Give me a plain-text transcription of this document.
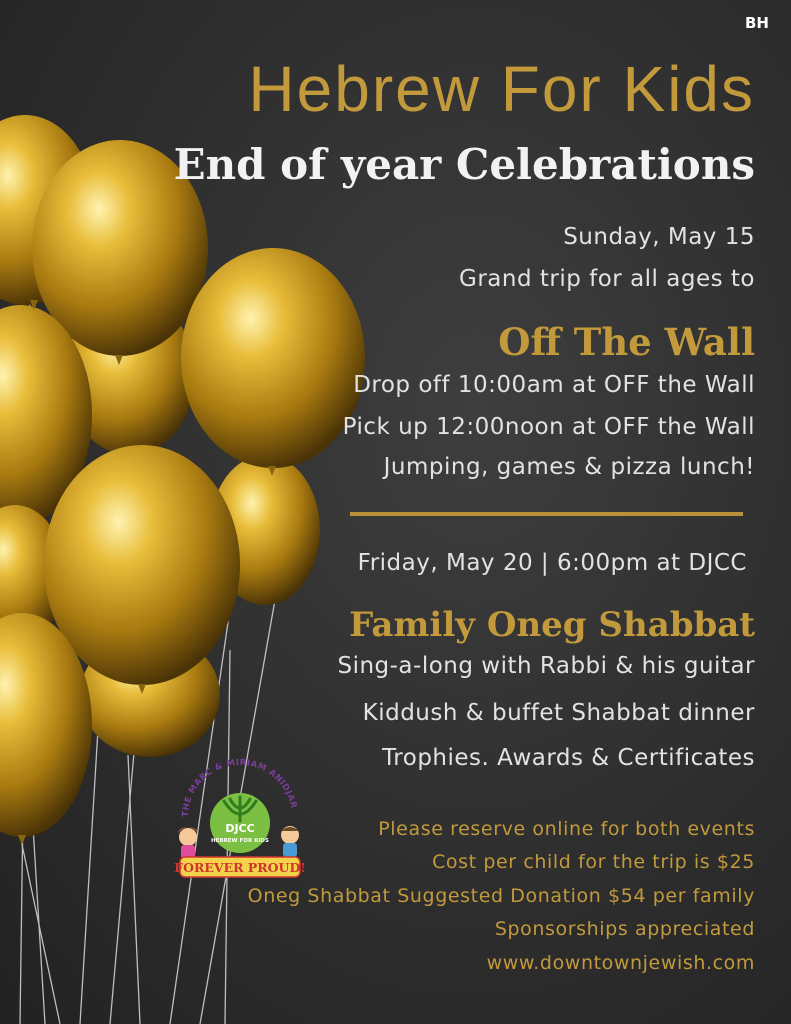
BH
Hebrew For Kids
End of year Celebrations
Sunday, May 15
Grand trip for all ages to
Off The Wall
Drop off 10:00am at OFF the Wall
Pick up 12:00noon at OFF the Wall
Jumping, games & pizza lunch!
Friday, May 20 | 6:00pm at DJCC
Family Oneg Shabbat
Sing-a-long with Rabbi & his guitar
Kiddush & buffet Shabbat dinner
Trophies. Awards & Certificates
Please reserve online for both events
Cost per child for the trip is $25
Oneg Shabbat Suggested Donation $54 per family
Sponsorships appreciated
www.downtownjewish.com
THE MARC & MIRIAM ANIDJAR
DJCC
HEBREW FOR KIDS
FOREVER PROUD!
